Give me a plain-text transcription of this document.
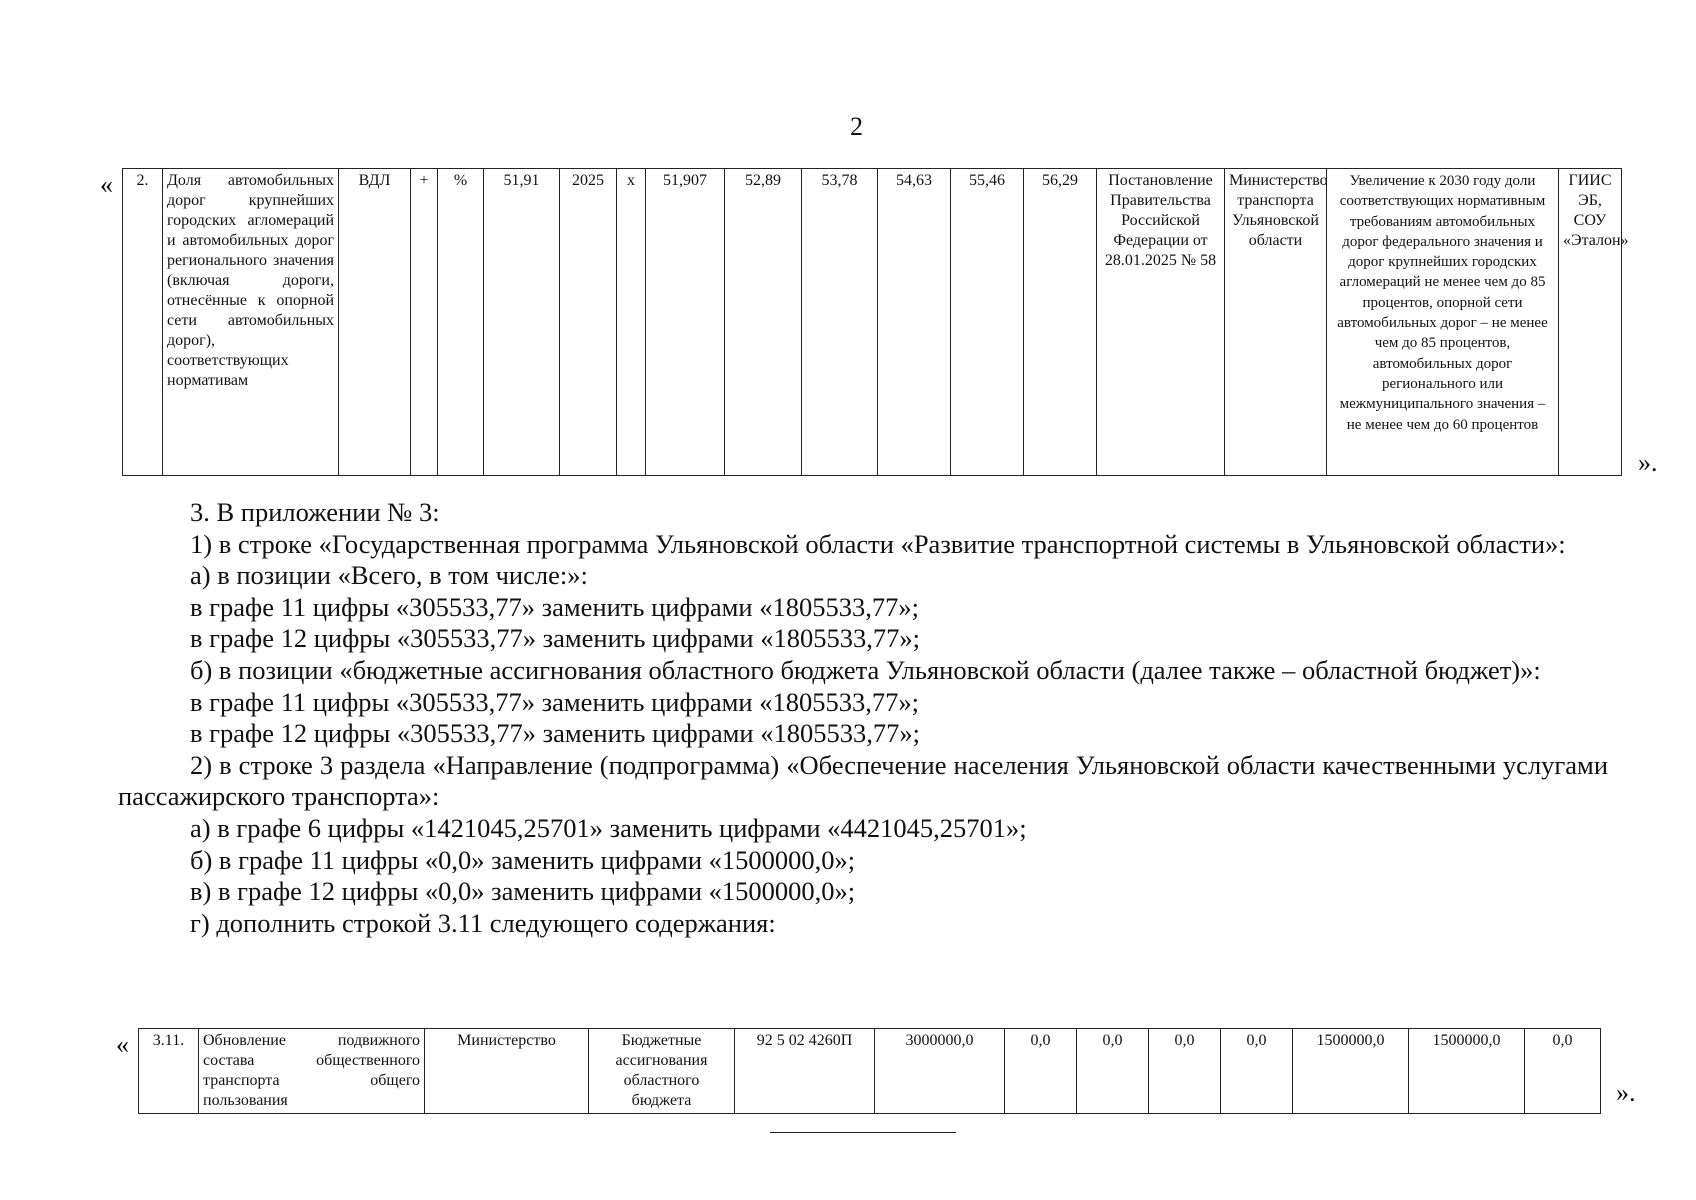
2
« 2.	Доля автомобильных дорог крупнейших городских агломераций и автомобильных дорог регионального значения (включая дороги, отнесённые к опорной сети автомобильных дорог), соответствующих нормативам	ВДЛ	+	%	51,91	2025	x	51,907	52,89	53,78	54,63	55,46	56,29	Постановление Правительства Российской Федерации от 28.01.2025 № 58	Министерство транспорта Ульяновской области	Увеличение к 2030 году доли соответствующих нормативным требованиям автомобильных дорог федерального значения и дорог крупнейших городских агломераций не менее чем до 85 процентов, опорной сети автомобильных дорог – не менее чем до 85 процентов, автомобильных дорог регионального или межмуниципального значения – не менее чем до 60 процентов	ГИИС ЭБ, СОУ «Эталон»
».

3. В приложении № 3:

1) в строке «Государственная программа Ульяновской области «Развитие транспортной системы в Ульяновской области»:

а) в позиции «Всего, в том числе:»:

в графе 11 цифры «305533,77» заменить цифрами «1805533,77»;

в графе 12 цифры «305533,77» заменить цифрами «1805533,77»;

б) в позиции «бюджетные ассигнования областного бюджета Ульяновской области (далее также – областной бюджет)»:

в графе 11 цифры «305533,77» заменить цифрами «1805533,77»;

в графе 12 цифры «305533,77» заменить цифрами «1805533,77»;

2) в строке 3 раздела «Направление (подпрограмма) «Обеспечение населения Ульяновской области качественными услугами пассажирского транспорта»:

а) в графе 6 цифры «1421045,25701» заменить цифрами «4421045,25701»;

б) в графе 11 цифры «0,0» заменить цифрами «1500000,0»;

в) в графе 12 цифры «0,0» заменить цифрами «1500000,0»;

г) дополнить строкой 3.11 следующего содержания:

« 3.11.	Обновление подвижного состава общественного транспорта общего пользования	Министерство	Бюджетные ассигнования областного бюджета	92 5 02 4260П	3000000,0	0,0	0,0	0,0	0,0	1500000,0	1500000,0	0,0
».
